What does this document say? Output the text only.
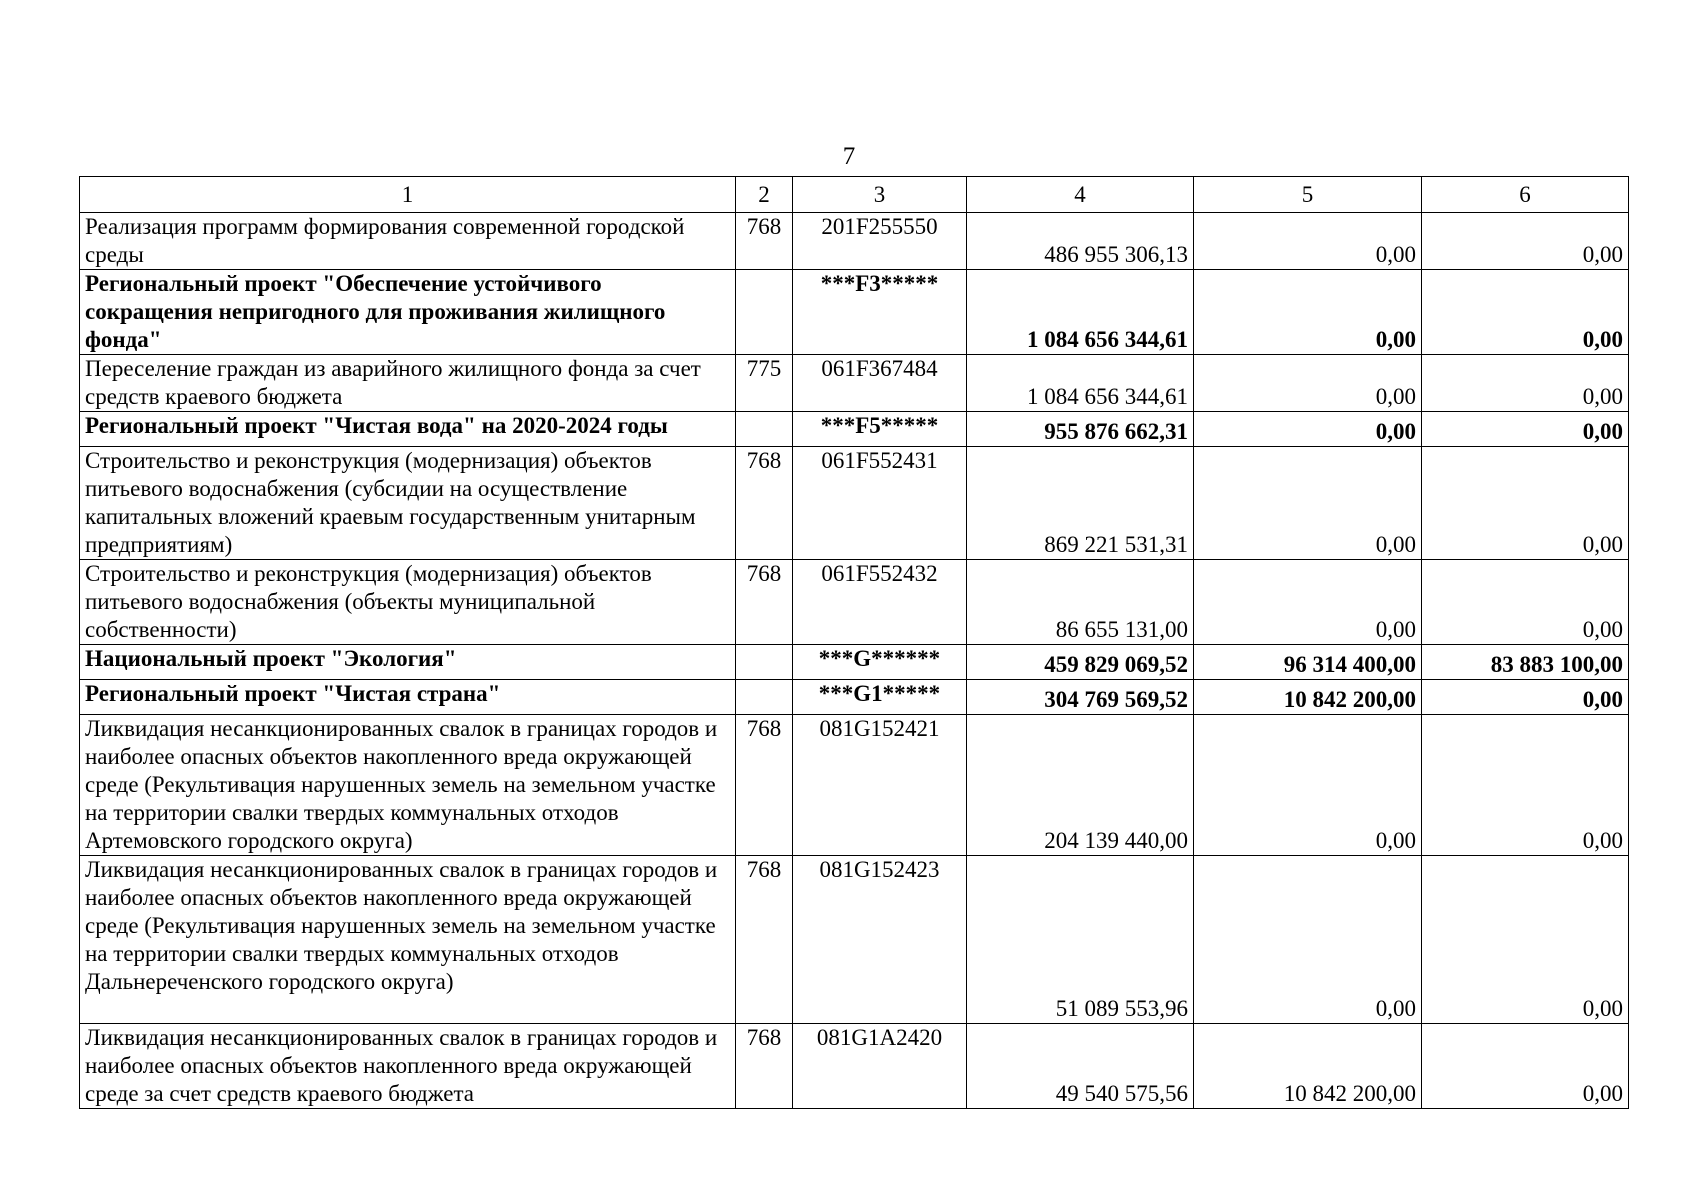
7
1	2	3	4	5	6
Реализация программ формирования современной городской среды	768	201F255550	486 955 306,13	0,00	0,00
Региональный проект "Обеспечение устойчивого сокращения непригодного для проживания жилищного фонда"		***F3*****	1 084 656 344,61	0,00	0,00
Переселение граждан из аварийного жилищного фонда за счет средств краевого бюджета	775	061F367484	1 084 656 344,61	0,00	0,00
Региональный проект "Чистая вода" на 2020-2024 годы		***F5*****	955 876 662,31	0,00	0,00
Строительство и реконструкция (модернизация) объектов питьевого водоснабжения (субсидии на осуществление капитальных вложений краевым государственным унитарным предприятиям)	768	061F552431	869 221 531,31	0,00	0,00
Строительство и реконструкция (модернизация) объектов питьевого водоснабжения (объекты муниципальной собственности)	768	061F552432	86 655 131,00	0,00	0,00
Национальный проект "Экология"		***G******	459 829 069,52	96 314 400,00	83 883 100,00
Региональный проект "Чистая страна"		***G1*****	304 769 569,52	10 842 200,00	0,00
Ликвидация несанкционированных свалок в границах городов и наиболее опасных объектов накопленного вреда окружающей среде (Рекультивация нарушенных земель на земельном участке на территории свалки твердых коммунальных отходов Артемовского городского округа)	768	081G152421	204 139 440,00	0,00	0,00
Ликвидация несанкционированных свалок в границах городов и наиболее опасных объектов накопленного вреда окружающей среде (Рекультивация нарушенных земель на земельном участке на территории свалки твердых коммунальных отходов Дальнереченского городского округа)	768	081G152423	51 089 553,96	0,00	0,00
Ликвидация несанкционированных свалок в границах городов и наиболее опасных объектов накопленного вреда окружающей среде за счет средств краевого бюджета	768	081G1A2420	49 540 575,56	10 842 200,00	0,00
